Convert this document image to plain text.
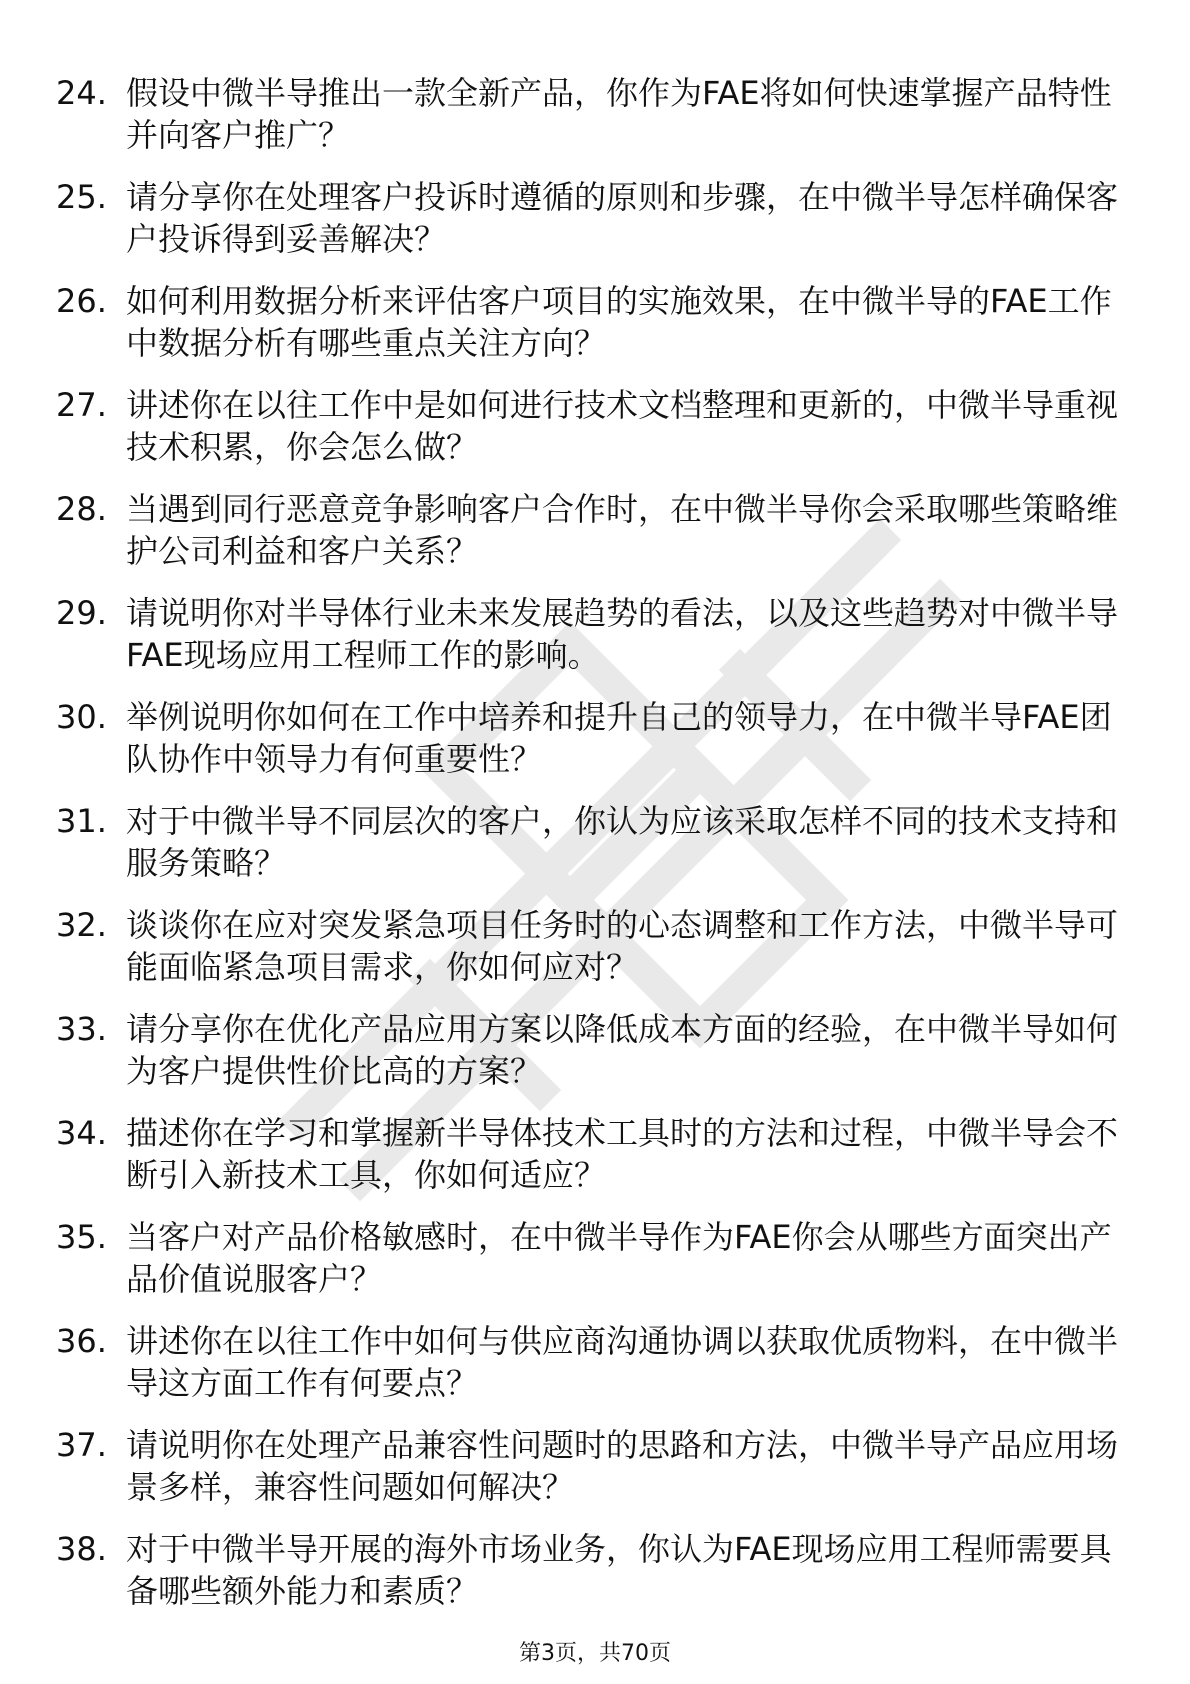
24. 假设中微半导推出一款全新产品，你作为FAE将如何快速掌握产品特性并向客户推广？
25. 请分享你在处理客户投诉时遵循的原则和步骤，在中微半导怎样确保客户投诉得到妥善解决？
26. 如何利用数据分析来评估客户项目的实施效果，在中微半导的FAE工作中数据分析有哪些重点关注方向？
27. 讲述你在以往工作中是如何进行技术文档整理和更新的，中微半导重视技术积累，你会怎么做？
28. 当遇到同行恶意竞争影响客户合作时，在中微半导你会采取哪些策略维护公司利益和客户关系？
29. 请说明你对半导体行业未来发展趋势的看法，以及这些趋势对中微半导FAE现场应用工程师工作的影响。
30. 举例说明你如何在工作中培养和提升自己的领导力，在中微半导FAE团队协作中领导力有何重要性？
31. 对于中微半导不同层次的客户，你认为应该采取怎样不同的技术支持和服务策略？
32. 谈谈你在应对突发紧急项目任务时的心态调整和工作方法，中微半导可能面临紧急项目需求，你如何应对？
33. 请分享你在优化产品应用方案以降低成本方面的经验，在中微半导如何为客户提供性价比高的方案？
34. 描述你在学习和掌握新半导体技术工具时的方法和过程，中微半导会不断引入新技术工具，你如何适应？
35. 当客户对产品价格敏感时，在中微半导作为FAE你会从哪些方面突出产品价值说服客户？
36. 讲述你在以往工作中如何与供应商沟通协调以获取优质物料，在中微半导这方面工作有何要点？
37. 请说明你在处理产品兼容性问题时的思路和方法，中微半导产品应用场景多样，兼容性问题如何解决？
38. 对于中微半导开展的海外市场业务，你认为FAE现场应用工程师需要具备哪些额外能力和素质？
第3页，共70页
